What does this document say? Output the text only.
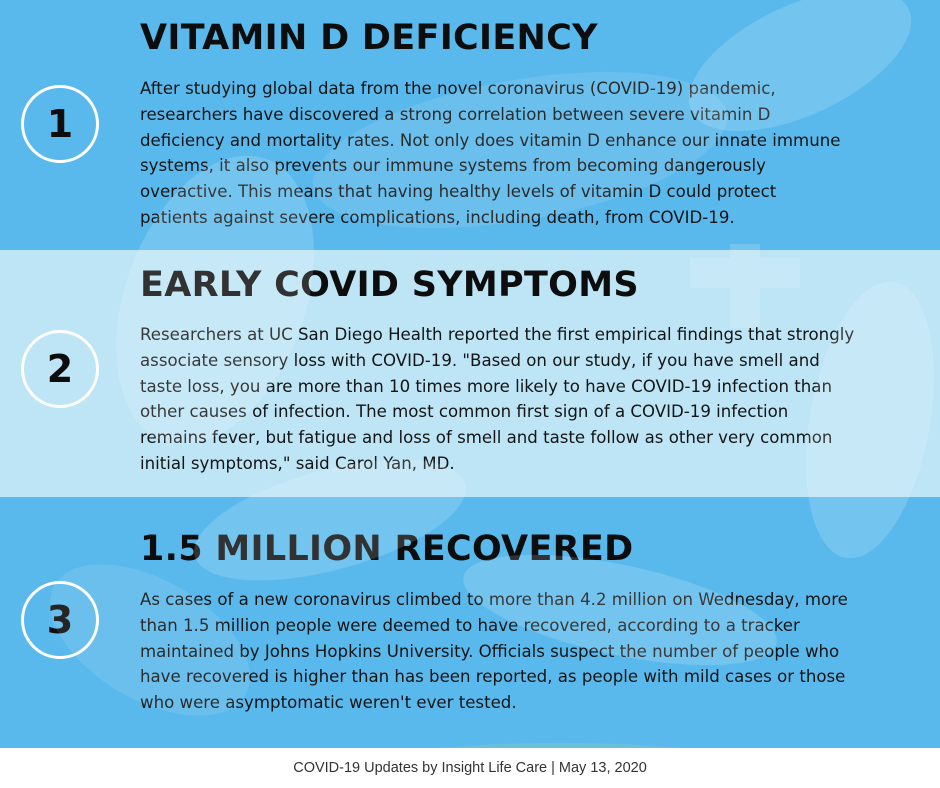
1
VITAMIN D DEFICIENCY

After studying global data from the novel coronavirus (COVID-19) pandemic,
researchers have discovered a strong correlation between severe vitamin D
deficiency and mortality rates. Not only does vitamin D enhance our innate immune
systems, it also prevents our immune systems from becoming dangerously
overactive. This means that having healthy levels of vitamin D could protect
patients against severe complications, including death, from COVID-19.

2
EARLY COVID SYMPTOMS

Researchers at UC San Diego Health reported the first empirical findings that strongly
associate sensory loss with COVID-19. "Based on our study, if you have smell and
taste loss, you are more than 10 times more likely to have COVID-19 infection than
other causes of infection. The most common first sign of a COVID-19 infection
remains fever, but fatigue and loss of smell and taste follow as other very common
initial symptoms," said Carol Yan, MD.

3
1.5 MILLION RECOVERED

As cases of a new coronavirus climbed to more than 4.2 million on Wednesday, more
than 1.5 million people were deemed to have recovered, according to a tracker
maintained by Johns Hopkins University. Officials suspect the number of people who
have recovered is higher than has been reported, as people with mild cases or those
who were asymptomatic weren't ever tested.

COVID-19 Updates by Insight Life Care | May 13, 2020
